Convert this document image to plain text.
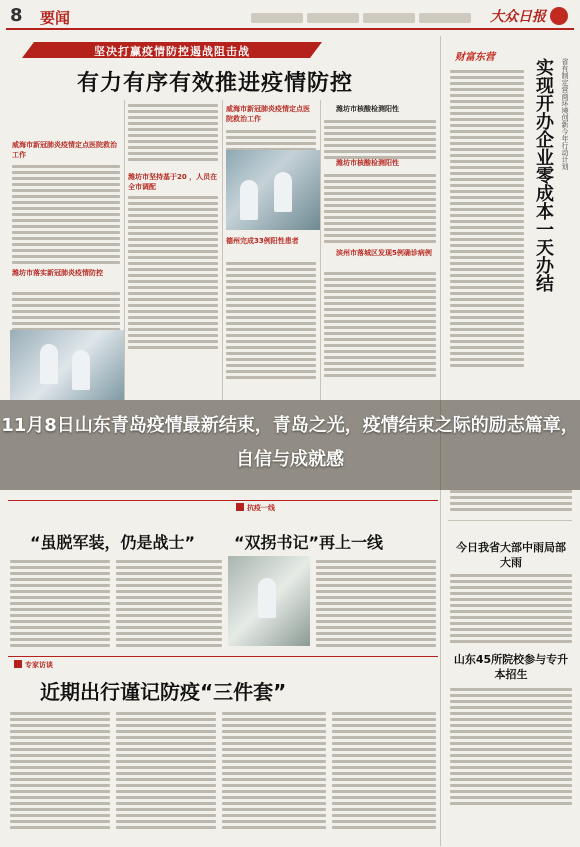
8 要闻	大众日报
坚决打赢疫情防控遏战阻击战
有力有序有效推进疫情防控
威海市新冠肺炎疫情定点医院救治工作
潍坊市落实新冠肺炎疫情防控
威海市新冠肺炎疫情定点医院救治工作
潍坊市坚持基于20 ，人员在全市调配
德州完成33例阳性患者
潍坊市核酸检测阳性
潍坊市核酸检测阳性
滨州市落城区发现5例确诊病例
抗疫一线
“虽脱军装，仍是战士”	“双拐书记”再上一线
专家访谈
近期出行谨记防疫“三件套”
财富东营
实现开办企业零成本一天办结	省有制定营商环境创新今年行动计划
今日我省大部中雨局部大雨
山东45所院校参与专升本招生
11月8日山东青岛疫情最新结束，青岛之光，疫情结束之际的励志篇章，自信与成就感
